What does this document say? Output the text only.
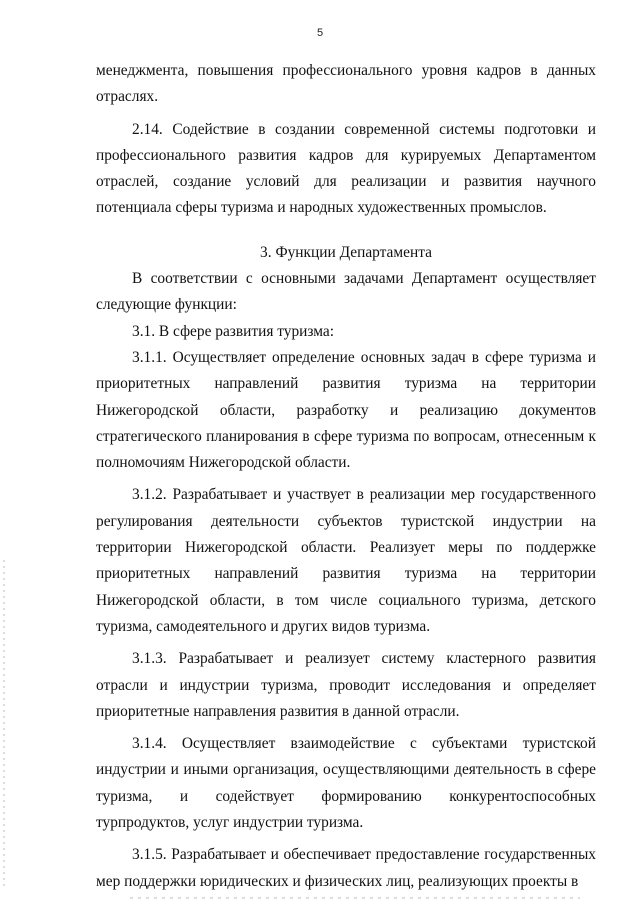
5

менеджмента, повышения профессионального уровня кадров в данных отраслях.

2.14. Содействие в создании современной системы подготовки и профессионального развития кадров для курируемых Департаментом отраслей, создание условий для реализации и развития научного потенциала сферы туризма и народных художественных промыслов.

3. Функции Департамента

В соответствии с основными задачами Департамент осуществляет следующие функции:

3.1. В сфере развития туризма:

3.1.1. Осуществляет определение основных задач в сфере туризма и приоритетных направлений развития туризма на территории Нижегородской области, разработку и реализацию документов стратегического планирования в сфере туризма по вопросам, отнесенным к полномочиям Нижегородской области.

3.1.2. Разрабатывает и участвует в реализации мер государственного регулирования деятельности субъектов туристской индустрии на территории Нижегородской области. Реализует меры по поддержке приоритетных направлений развития туризма на территории Нижегородской области, в том числе социального туризма, детского туризма, самодеятельного и других видов туризма.

3.1.3. Разрабатывает и реализует систему кластерного развития отрасли и индустрии туризма, проводит исследования и определяет приоритетные направления развития в данной отрасли.

3.1.4. Осуществляет взаимодействие с субъектами туристской индустрии и иными организация, осуществляющими деятельность в сфере туризма, и содействует формированию конкурентоспособных турпродуктов, услуг индустрии туризма.

3.1.5. Разрабатывает и обеспечивает предоставление государственных мер поддержки юридических и физических лиц, реализующих проекты в
